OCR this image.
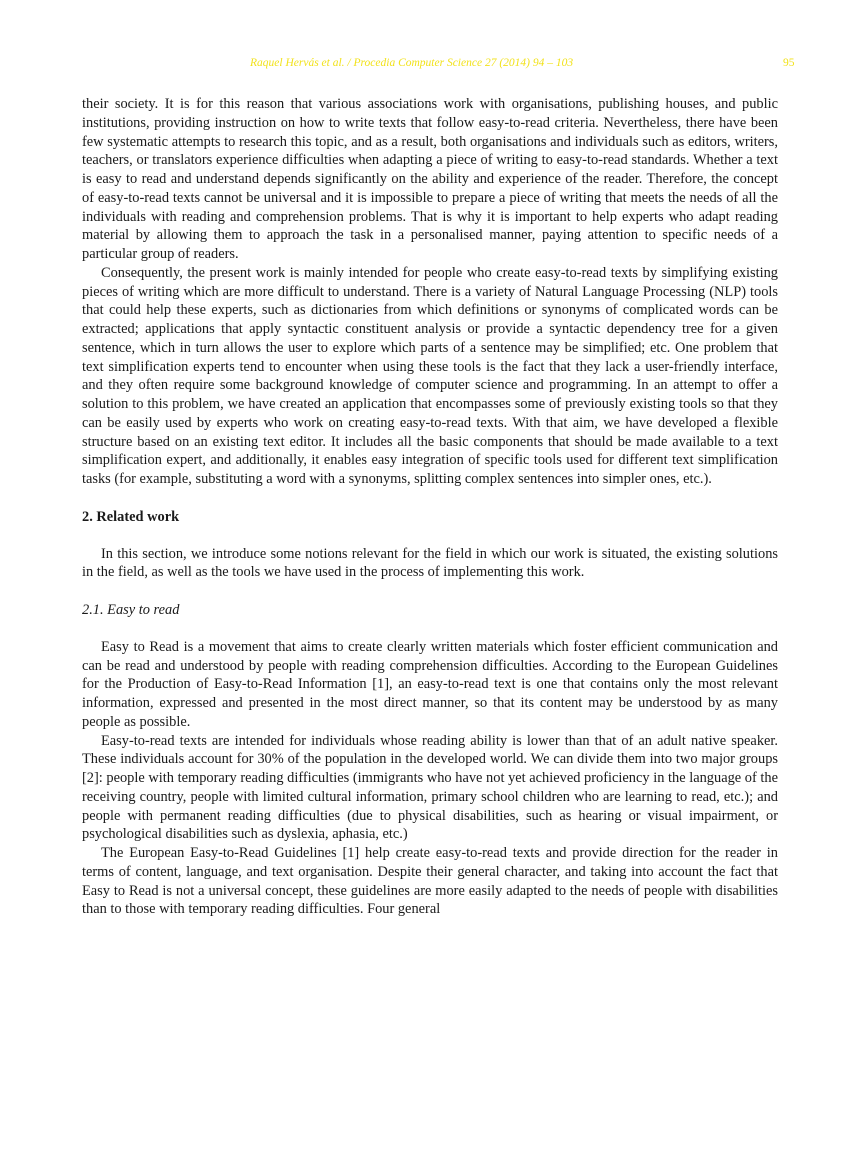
Raquel Hervás et al. / Procedia Computer Science 27 (2014) 94 – 103	95

their society. It is for this reason that various associations work with organisations, publishing houses, and public institutions, providing instruction on how to write texts that follow easy-to-read criteria. Nevertheless, there have been few systematic attempts to research this topic, and as a result, both organisations and individuals such as editors, writers, teachers, or translators experience difficulties when adapting a piece of writing to easy-to-read standards. Whether a text is easy to read and understand depends significantly on the ability and experience of the reader. Therefore, the concept of easy-to-read texts cannot be universal and it is impossible to prepare a piece of writing that meets the needs of all the individuals with reading and comprehension problems. That is why it is important to help experts who adapt reading material by allowing them to approach the task in a personalised manner, paying attention to specific needs of a particular group of readers.

Consequently, the present work is mainly intended for people who create easy-to-read texts by simplifying existing pieces of writing which are more difficult to understand. There is a variety of Natural Language Processing (NLP) tools that could help these experts, such as dictionaries from which definitions or synonyms of complicated words can be extracted; applications that apply syntactic constituent analysis or provide a syntactic dependency tree for a given sentence, which in turn allows the user to explore which parts of a sentence may be simplified; etc. One problem that text simplification experts tend to encounter when using these tools is the fact that they lack a user-friendly interface, and they often require some background knowledge of computer science and programming. In an attempt to offer a solution to this problem, we have created an application that encompasses some of previously existing tools so that they can be easily used by experts who work on creating easy-to-read texts. With that aim, we have developed a flexible structure based on an existing text editor. It includes all the basic components that should be made available to a text simplification expert, and additionally, it enables easy integration of specific tools used for different text simplification tasks (for example, substituting a word with a synonyms, splitting complex sentences into simpler ones, etc.).

2. Related work

In this section, we introduce some notions relevant for the field in which our work is situated, the existing solutions in the field, as well as the tools we have used in the process of implementing this work.

2.1. Easy to read

Easy to Read is a movement that aims to create clearly written materials which foster efficient communication and can be read and understood by people with reading comprehension difficulties. According to the European Guidelines for the Production of Easy-to-Read Information [1], an easy-to-read text is one that contains only the most relevant information, expressed and presented in the most direct manner, so that its content may be understood by as many people as possible.

Easy-to-read texts are intended for individuals whose reading ability is lower than that of an adult native speaker. These individuals account for 30% of the population in the developed world. We can divide them into two major groups [2]: people with temporary reading difficulties (immigrants who have not yet achieved proficiency in the language of the receiving country, people with limited cultural information, primary school children who are learning to read, etc.); and people with permanent reading difficulties (due to physical disabilities, such as hearing or visual impairment, or psychological disabilities such as dyslexia, aphasia, etc.)

The European Easy-to-Read Guidelines [1] help create easy-to-read texts and provide direction for the reader in terms of content, language, and text organisation. Despite their general character, and taking into account the fact that Easy to Read is not a universal concept, these guidelines are more easily adapted to the needs of people with disabilities than to those with temporary reading difficulties. Four general
